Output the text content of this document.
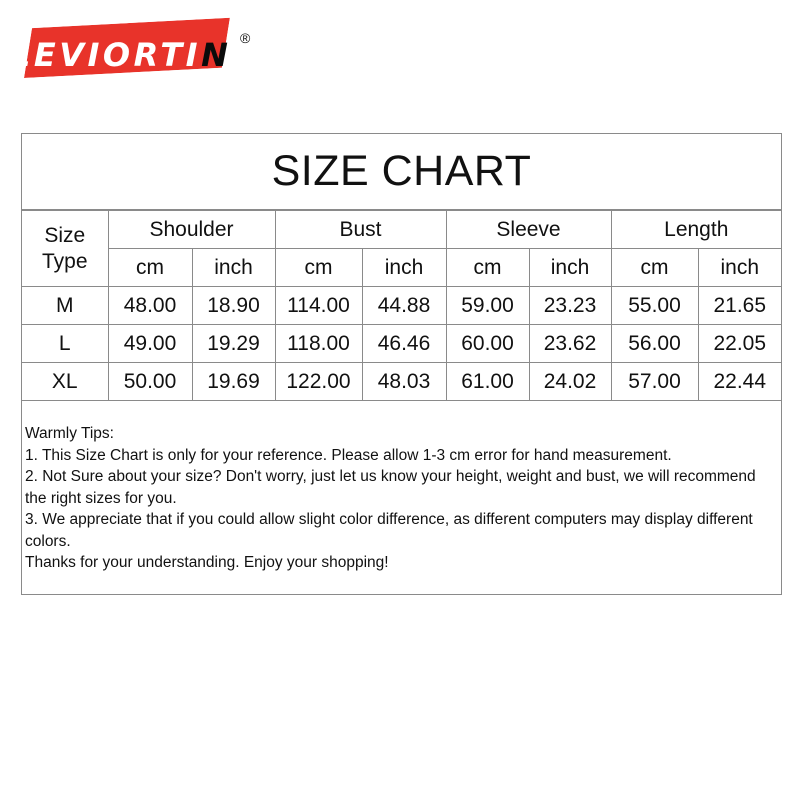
LEVIORTIN ®
SIZE CHART
Size
Type	Shoulder		Bust		Sleeve		Length	
	cm	inch	cm	inch	cm	inch	cm	inch
M	48.00	18.90	114.00	44.88	59.00	23.23	55.00	21.65
L	49.00	19.29	118.00	46.46	60.00	23.62	56.00	22.05
XL	50.00	19.69	122.00	48.03	61.00	24.02	57.00	22.44
Warmly Tips:
1. This Size Chart is only for your reference. Please allow 1-3 cm error for hand measurement.
2. Not Sure about your size? Don't worry, just let us know your height, weight and bust, we will recommend the right sizes for you.
3. We appreciate that if you could allow slight color difference, as different computers may display different colors.
Thanks for your understanding. Enjoy your shopping!
